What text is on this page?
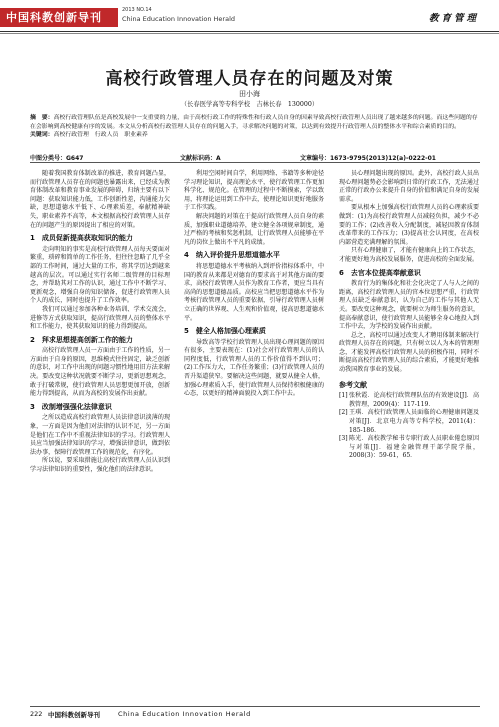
中国科教创新导刊
2013 NO.14
China Education Innovation Herald	教育管理
高校行政管理人员存在的问题及对策
田小海
（长春医学高等专科学校　吉林长春　130000）
摘　要：高校行政管理队伍是高校发展中一支重要的力量，由于高校行政工作的特殊性和行政人员自身的因素导致高校行政管理人员出现了越来越多的问题。而这些问题的存在会影响到高校健康有序的发展。本文从分析高校行政管理人员存在的问题入手，寻求解决问题的对策，以达到有效提升行政管理人员的整体水平和综合素质的目的。
关键词：高校行政管理　行政人员　职业素养
中图分类号：G647	文献标识码：A	文章编号：1673-9795(2013)12(a)-0222-01

随着我国教育体制改革的推进，教育问题凸显，而行政管理人员存在的问题也暴露出来，已经成为教育体制改革和教育事业发展的障碍，归纳主要有以下问题：获取知识能力低，工作创新性差，沟通能力欠缺，思想道德水平低下、心理素质差，奉献精神缺失，职业素养不高等，本文根据高校行政管理人员存在的问题产生的原因提出了相应的对策。

1　成员促新提高获取知识的能力

走向明知的事实是高校行政管理人员每天要面对繁重，琐碎和简单的工作任务，但往往忽略了几乎全部的工作时间，通过大量的工作，将其学历达到越来越高的层次。可以通过实行名师二级管理的目标理念，并帮助其对工作的认识，通过工作中不断学习、更新观念，增强自身的知识储备，促进行政管理人员个人的成长，同时也提升了工作效率。

我们可以通过参加各种业务培训、学术交流会，进修等方式获取知识，提高行政管理人员的整体水平和工作能力，使其获取知识的能力得到提高。

2　拜求思想提高创新工作的能力

高校行政管理人员一方面由于工作的性质，另一方面由于自身的原因，思维模式往往固定，缺乏创新的意识，对工作中出现的问题习惯性地用旧方法来解决。要改变这种状况就要不断学习，更新思想观念，敢于打破常规，使行政管理人员思想更加开放，创新能力得到提高，从而为高校的发展作出贡献。

3　改制增强强化法律意识

之所以造成高校行政管理人员法律意识淡薄的现象，一方面是因为他们对法律的认识不足，另一方面是他们在工作中不重视法律知识的学习。行政管理人员应当加强法律知识的学习，增强法律意识，做到依法办事，保障行政管理工作的规范化，有序化。

所以说，要采取措施让高校行政管理人员认识到学习法律知识的重要性，强化他们的法律意识。

利用空闲时间自学，利用网络、书籍等多种途径学习理论知识，提高理论水平，使行政管理工作更加科学化、规范化。在管理的过程中不断摸索，学以致用，将理论运用到工作中去，使理论知识更好地服务于工作实践。

解决问题的对策在于提高行政管理人员自身的素质，加强职业道德培养，建立健全各项规章制度，通过严格的考核和奖惩机制，让行政管理人员能够在平凡的岗位上做出不平凡的成绩。

4　纳入评价提升思想道德水平

将思想道德水平考核纳入到评价指标体系中，中国的教育从来都是对德育的要求高于对其他方面的要求，高校行政管理人员作为教育工作者，更应当具有高尚的思想道德品质。高校应当把思想道德水平作为考核行政管理人员的重要依据，引导行政管理人员树立正确的世界观、人生观和价值观，提高思想道德水平。

5　健全人格加强心理素质

导致高等学校行政管理人员出现心理问题的原因有很多，主要表现在：(1)社会对行政管理人员的认同程度低，行政管理人员的工作价值得不到认可；(2)工作压力大，工作任务繁重；(3)行政管理人员的晋升渠道狭窄。要解决这些问题，就要从健全人格，加强心理素质入手，使行政管理人员保持积极健康的心态，以更好的精神面貌投入到工作中去。

员心理问题出现的原因。此外，高校行政人员出现心理问题势必会影响到日常的行政工作，无法通过正常的行政办公来提升自身的价值和满足自身的发展需求。

要从根本上加强高校行政管理人员的心理素质要做到：(1)为高校行政管理人员减轻负担，减少不必要的工作；(2)改善收入分配制度，减轻因教育体制改革带来的工作压力；(3)提高社会认同度，在高校内部营造充满理解的氛围。

只有心理健康了，才能有健康向上的工作状态，才能更好地为高校发展服务，促进高校的全面发展。

6　去官本位提高奉献意识

教育行为的集体化和社会化决定了人与人之间的距离，高校行政管理人员的官本位思想严重，行政管理人员缺乏奉献意识，认为自己的工作与其他人无关。要改变这种观念，就要树立为师生服务的意识，提高奉献意识，使行政管理人员能够全身心地投入到工作中去，为学校的发展作出贡献。

总之，高校可以通过改变人才聘用体制来解决行政管理人员存在的问题，只有树立以人为本的管理理念，才能发挥高校行政管理人员的积极作用，同时不断提高高校行政管理人员的综合素质，才能更好地推动我国教育事业的发展。

参考文献

[1] 张秋霞．论高校行政管理队伍的有效建设[J]．高教管理，2009(4)：117-119．

[2] 王琪．高校行政管理人员面临的心理健康问题及对策[J]．北京电力高等专科学校，2011(4)：185-186．

[3] 陈光．高校教学秘书专职行政人员职业倦怠原因与对策[J]．福建金融管理干部学院学报，2008(3)：59-61，65．

222 中国科教创新导刊	China Education Innovation Herald
